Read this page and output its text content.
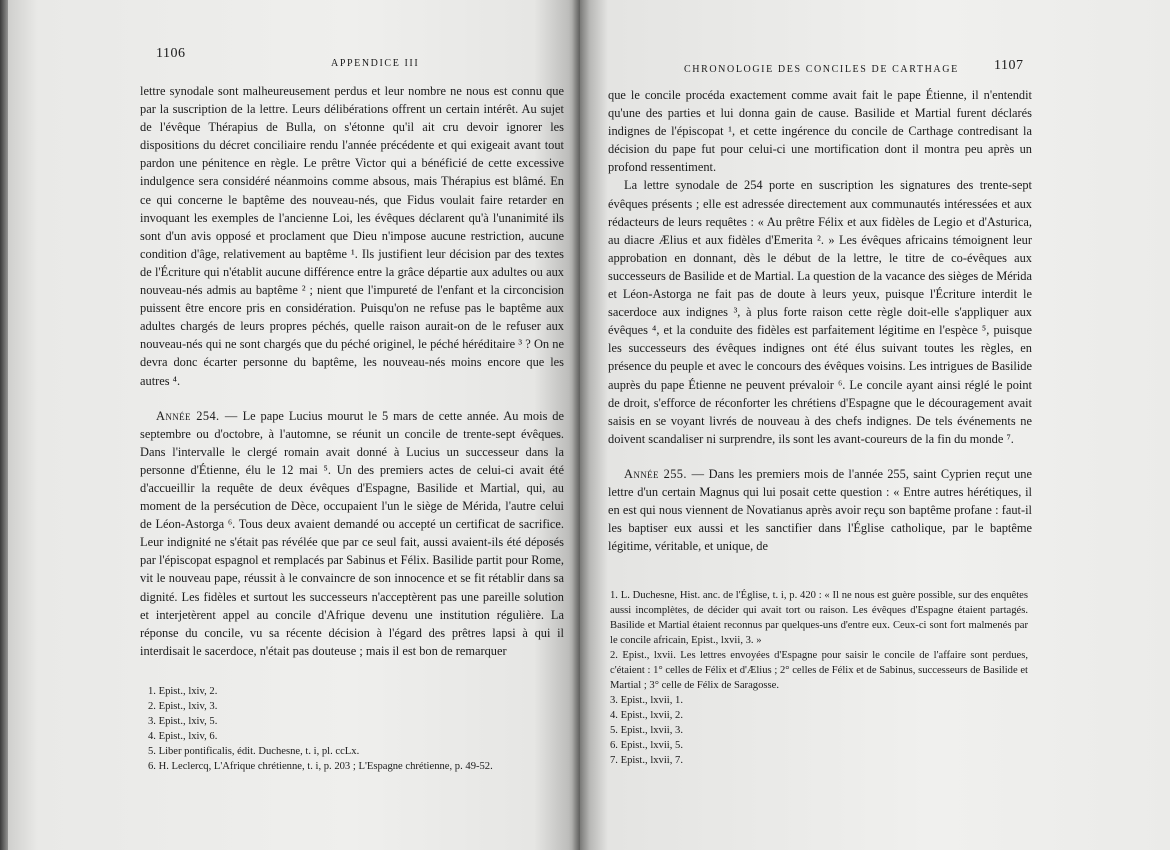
1106
APPENDICE III

lettre synodale sont malheureusement perdus et leur nombre ne nous est connu que par la suscription de la lettre. Leurs délibérations offrent un certain intérêt. Au sujet de l'évêque Thérapius de Bulla, on s'étonne qu'il ait cru devoir ignorer les dispositions du décret conciliaire rendu l'année précédente et qui exigeait avant tout pardon une pénitence en règle. Le prêtre Victor qui a bénéficié de cette excessive indulgence sera considéré néanmoins comme absous, mais Thérapius est blâmé. En ce qui concerne le baptême des nouveau-nés, que Fidus voulait faire retarder en invoquant les exemples de l'ancienne Loi, les évêques déclarent qu'à l'unanimité ils sont d'un avis opposé et proclament que Dieu n'impose aucune restriction, aucune condition d'âge, relativement au baptême ¹. Ils justifient leur décision par des textes de l'Écriture qui n'établit aucune différence entre la grâce départie aux adultes ou aux nouveau-nés admis au baptême ² ; nient que l'impureté de l'enfant et la circoncision puissent être encore pris en considération. Puisqu'on ne refuse pas le baptême aux adultes chargés de leurs propres péchés, quelle raison aurait-on de le refuser aux nouveau-nés qui ne sont chargés que du péché originel, le péché héréditaire ³ ? On ne devra donc écarter personne du baptême, les nouveau-nés moins encore que les autres ⁴.

Année 254. — Le pape Lucius mourut le 5 mars de cette année. Au mois de septembre ou d'octobre, à l'automne, se réunit un concile de trente-sept évêques. Dans l'intervalle le clergé romain avait donné à Lucius un successeur dans la personne d'Étienne, élu le 12 mai ⁵. Un des premiers actes de celui-ci avait été d'accueillir la requête de deux évêques d'Espagne, Basilide et Martial, qui, au moment de la persécution de Dèce, occupaient l'un le siège de Mérida, l'autre celui de Léon-Astorga ⁶. Tous deux avaient demandé ou accepté un certificat de sacrifice. Leur indignité ne s'était pas révélée que par ce seul fait, aussi avaient-ils été déposés par l'épiscopat espagnol et remplacés par Sabinus et Félix. Basilide partit pour Rome, vit le nouveau pape, réussit à le convaincre de son innocence et se fit rétablir dans sa dignité. Les fidèles et surtout les successeurs n'acceptèrent pas une pareille solution et interjetèrent appel au concile d'Afrique devenu une institution régulière. La réponse du concile, vu sa récente décision à l'égard des prêtres lapsi à qui il interdisait le sacerdoce, n'était pas douteuse ; mais il est bon de remarquer

1. Epist., lxiv, 2.
2. Epist., lxiv, 3.
3. Epist., lxiv, 5.
4. Epist., lxiv, 6.
5. Liber pontificalis, édit. Duchesne, t. i, pl. ccLx.
6. H. Leclercq, L'Afrique chrétienne, t. i, p. 203 ; L'Espagne chrétienne, p. 49-52.
CHRONOLOGIE DES CONCILES DE CARTHAGE	1107

que le concile procéda exactement comme avait fait le pape Étienne, il n'entendit qu'une des parties et lui donna gain de cause. Basilide et Martial furent déclarés indignes de l'épiscopat ¹, et cette ingérence du concile de Carthage contredisant la décision du pape fut pour celui-ci une mortification dont il montra peu après un profond ressentiment.

La lettre synodale de 254 porte en suscription les signatures des trente-sept évêques présents ; elle est adressée directement aux communautés intéressées et aux rédacteurs de leurs requêtes : « Au prêtre Félix et aux fidèles de Legio et d'Asturica, au diacre Ælius et aux fidèles d'Emerita ². » Les évêques africains témoignent leur approbation en donnant, dès le début de la lettre, le titre de co-évêques aux successeurs de Basilide et de Martial. La question de la vacance des sièges de Mérida et Léon-Astorga ne fait pas de doute à leurs yeux, puisque l'Écriture interdit le sacerdoce aux indignes ³, à plus forte raison cette règle doit-elle s'appliquer aux évêques ⁴, et la conduite des fidèles est parfaitement légitime en l'espèce ⁵, puisque les successeurs des évêques indignes ont été élus suivant toutes les règles, en présence du peuple et avec le concours des évêques voisins. Les intrigues de Basilide auprès du pape Étienne ne peuvent prévaloir ⁶. Le concile ayant ainsi réglé le point de droit, s'efforce de réconforter les chrétiens d'Espagne que le découragement avait saisis en se voyant livrés de nouveau à des chefs indignes. De tels événements ne doivent scandaliser ni surprendre, ils sont les avant-coureurs de la fin du monde ⁷.

Année 255. — Dans les premiers mois de l'année 255, saint Cyprien reçut une lettre d'un certain Magnus qui lui posait cette question : « Entre autres hérétiques, il en est qui nous viennent de Novatianus après avoir reçu son baptême profane : faut-il les baptiser eux aussi et les sanctifier dans l'Église catholique, par le baptême légitime, véritable, et unique, de

1. L. Duchesne, Hist. anc. de l'Église, t. i, p. 420 : « Il ne nous est guère possible, sur des enquêtes aussi incomplètes, de décider qui avait tort ou raison. Les évêques d'Espagne étaient partagés. Basilide et Martial étaient reconnus par quelques-uns d'entre eux. Ceux-ci sont fort malmenés par le concile africain, Epist., lxvii, 3. »
2. Epist., lxvii. Les lettres envoyées d'Espagne pour saisir le concile de l'affaire sont perdues, c'étaient : 1° celles de Félix et d'Ælius ; 2° celles de Félix et de Sabinus, successeurs de Basilide et Martial ; 3° celle de Félix de Saragosse.
3. Epist., lxvii, 1.
4. Epist., lxvii, 2.
5. Epist., lxvii, 3.
6. Epist., lxvii, 5.
7. Epist., lxvii, 7.
